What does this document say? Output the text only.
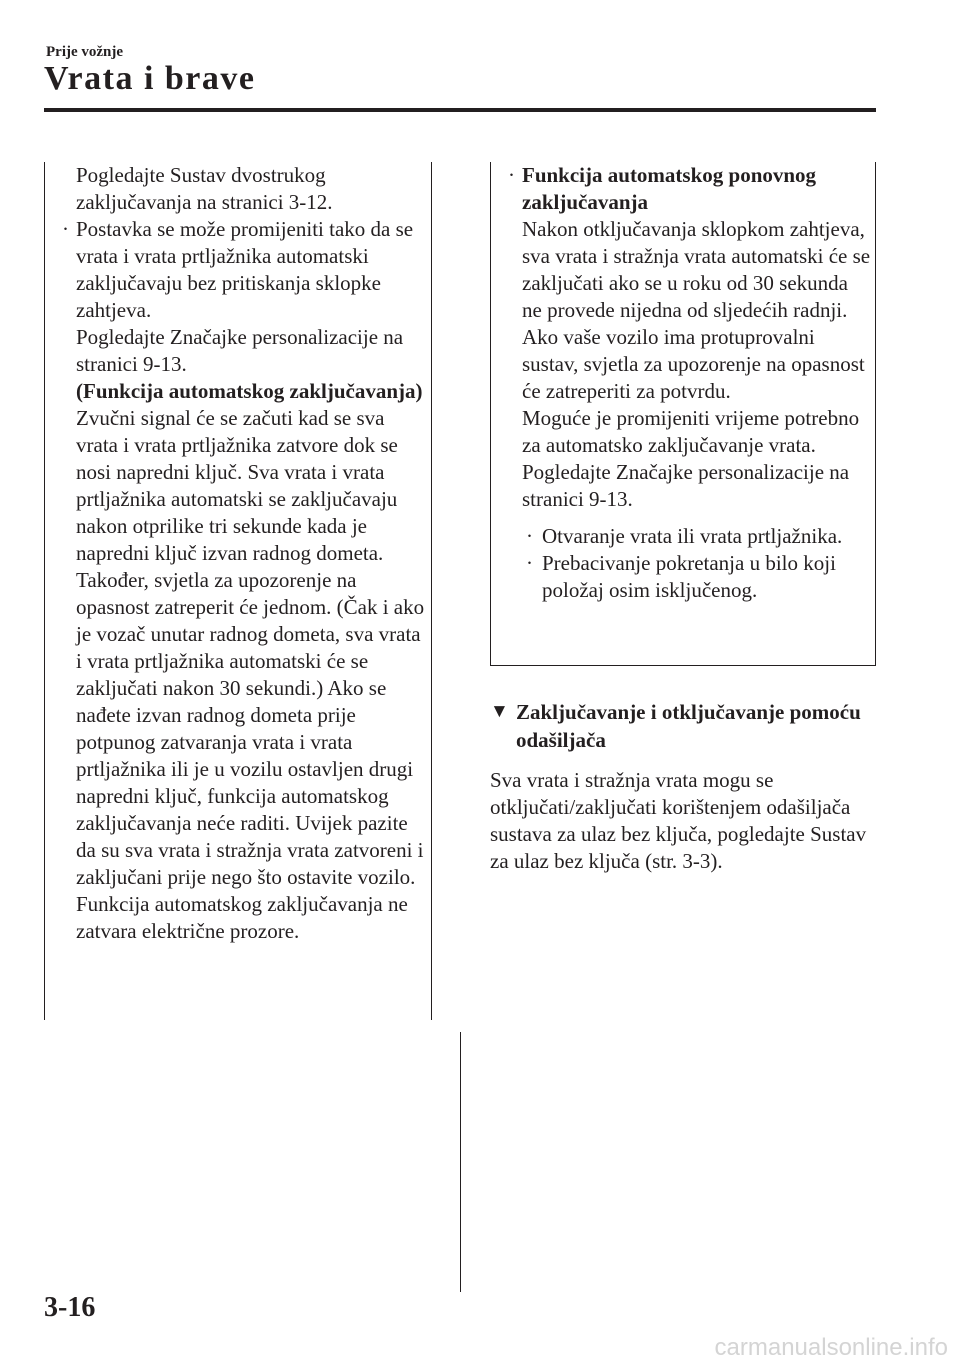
Prije vožnje
Vrata i brave
Pogledajte Sustav dvostrukog zaključavanja na stranici 3-12.
· Postavka se može promijeniti tako da se vrata i vrata prtljažnika automatski zaključavaju bez pritiskanja sklopke zahtjeva.
Pogledajte Značajke personalizacije na stranici 9-13.
(Funkcija automatskog zaključavanja)
Zvučni signal će se začuti kad se sva vrata i vrata prtljažnika zatvore dok se nosi napredni ključ. Sva vrata i vrata prtljažnika automatski se zaključavaju nakon otprilike tri sekunde kada je napredni ključ izvan radnog dometa. Također, svjetla za upozorenje na opasnost zatreperit će jednom. (Čak i ako je vozač unutar radnog dometa, sva vrata i vrata prtljažnika automatski će se zaključati nakon 30 sekundi.) Ako se nađete izvan radnog dometa prije potpunog zatvaranja vrata i vrata prtljažnika ili je u vozilu ostavljen drugi napredni ključ, funkcija automatskog zaključavanja neće raditi. Uvijek pazite da su sva vrata i stražnja vrata zatvoreni i zaključani prije nego što ostavite vozilo. Funkcija automatskog zaključavanja ne zatvara električne prozore.
· Funkcija automatskog ponovnog zaključavanja
Nakon otključavanja sklopkom zahtjeva, sva vrata i stražnja vrata automatski će se zaključati ako se u roku od 30 sekunda ne provede nijedna od sljedećih radnji. Ako vaše vozilo ima protuprovalni sustav, svjetla za upozorenje na opasnost će zatreperiti za potvrdu.
Moguće je promijeniti vrijeme potrebno za automatsko zaključavanje vrata.
Pogledajte Značajke personalizacije na stranici 9-13.
· Otvaranje vrata ili vrata prtljažnika.
· Prebacivanje pokretanja u bilo koji položaj osim isključenog.
▼ Zaključavanje i otključavanje pomoću odašiljača
Sva vrata i stražnja vrata mogu se otključati/zaključati korištenjem odašiljača sustava za ulaz bez ključa, pogledajte Sustav za ulaz bez ključa (str. 3-3).
3-16
carmanualsonline.info
